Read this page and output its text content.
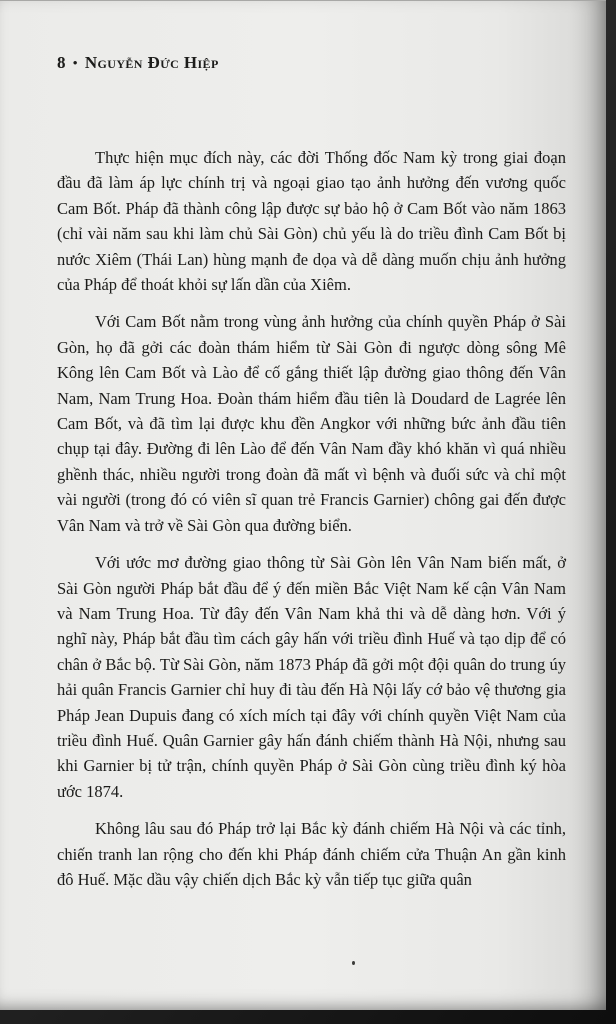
8 • Nguyễn Đức Hiệp

Thực hiện mục đích này, các đời Thống đốc Nam kỳ trong giai đoạn đầu đã làm áp lực chính trị và ngoại giao tạo ảnh hưởng đến vương quốc Cam Bốt. Pháp đã thành công lập được sự bảo hộ ở Cam Bốt vào năm 1863 (chỉ vài năm sau khi làm chủ Sài Gòn) chủ yếu là do triều đình Cam Bốt bị nước Xiêm (Thái Lan) hùng mạnh đe dọa và dễ dàng muốn chịu ảnh hưởng của Pháp để thoát khỏi sự lấn dần của Xiêm.

Với Cam Bốt nằm trong vùng ảnh hưởng của chính quyền Pháp ở Sài Gòn, họ đã gởi các đoàn thám hiểm từ Sài Gòn đi ngược dòng sông Mê Kông lên Cam Bốt và Lào để cố gắng thiết lập đường giao thông đến Vân Nam, Nam Trung Hoa. Đoàn thám hiểm đầu tiên là Doudard de Lagrée lên Cam Bốt, và đã tìm lại được khu đền Angkor với những bức ảnh đầu tiên chụp tại đây. Đường đi lên Lào để đến Vân Nam đầy khó khăn vì quá nhiều ghềnh thác, nhiều người trong đoàn đã mất vì bệnh và đuối sức và chỉ một vài người (trong đó có viên sĩ quan trẻ Francis Garnier) chông gai đến được Vân Nam và trở về Sài Gòn qua đường biển.

Với ước mơ đường giao thông từ Sài Gòn lên Vân Nam biến mất, ở Sài Gòn người Pháp bắt đầu để ý đến miền Bắc Việt Nam kế cận Vân Nam và Nam Trung Hoa. Từ đây đến Vân Nam khả thi và dễ dàng hơn. Với ý nghĩ này, Pháp bắt đầu tìm cách gây hấn với triều đình Huế và tạo dịp để có chân ở Bắc bộ. Từ Sài Gòn, năm 1873 Pháp đã gởi một đội quân do trung úy hải quân Francis Garnier chỉ huy đi tàu đến Hà Nội lấy cớ bảo vệ thương gia Pháp Jean Dupuis đang có xích mích tại đây với chính quyền Việt Nam của triều đình Huế. Quân Garnier gây hấn đánh chiếm thành Hà Nội, nhưng sau khi Garnier bị tử trận, chính quyền Pháp ở Sài Gòn cùng triều đình ký hòa ước 1874.

Không lâu sau đó Pháp trở lại Bắc kỳ đánh chiếm Hà Nội và các tỉnh, chiến tranh lan rộng cho đến khi Pháp đánh chiếm cửa Thuận An gần kinh đô Huế. Mặc dầu vậy chiến dịch Bắc kỳ vẫn tiếp tục giữa quân
